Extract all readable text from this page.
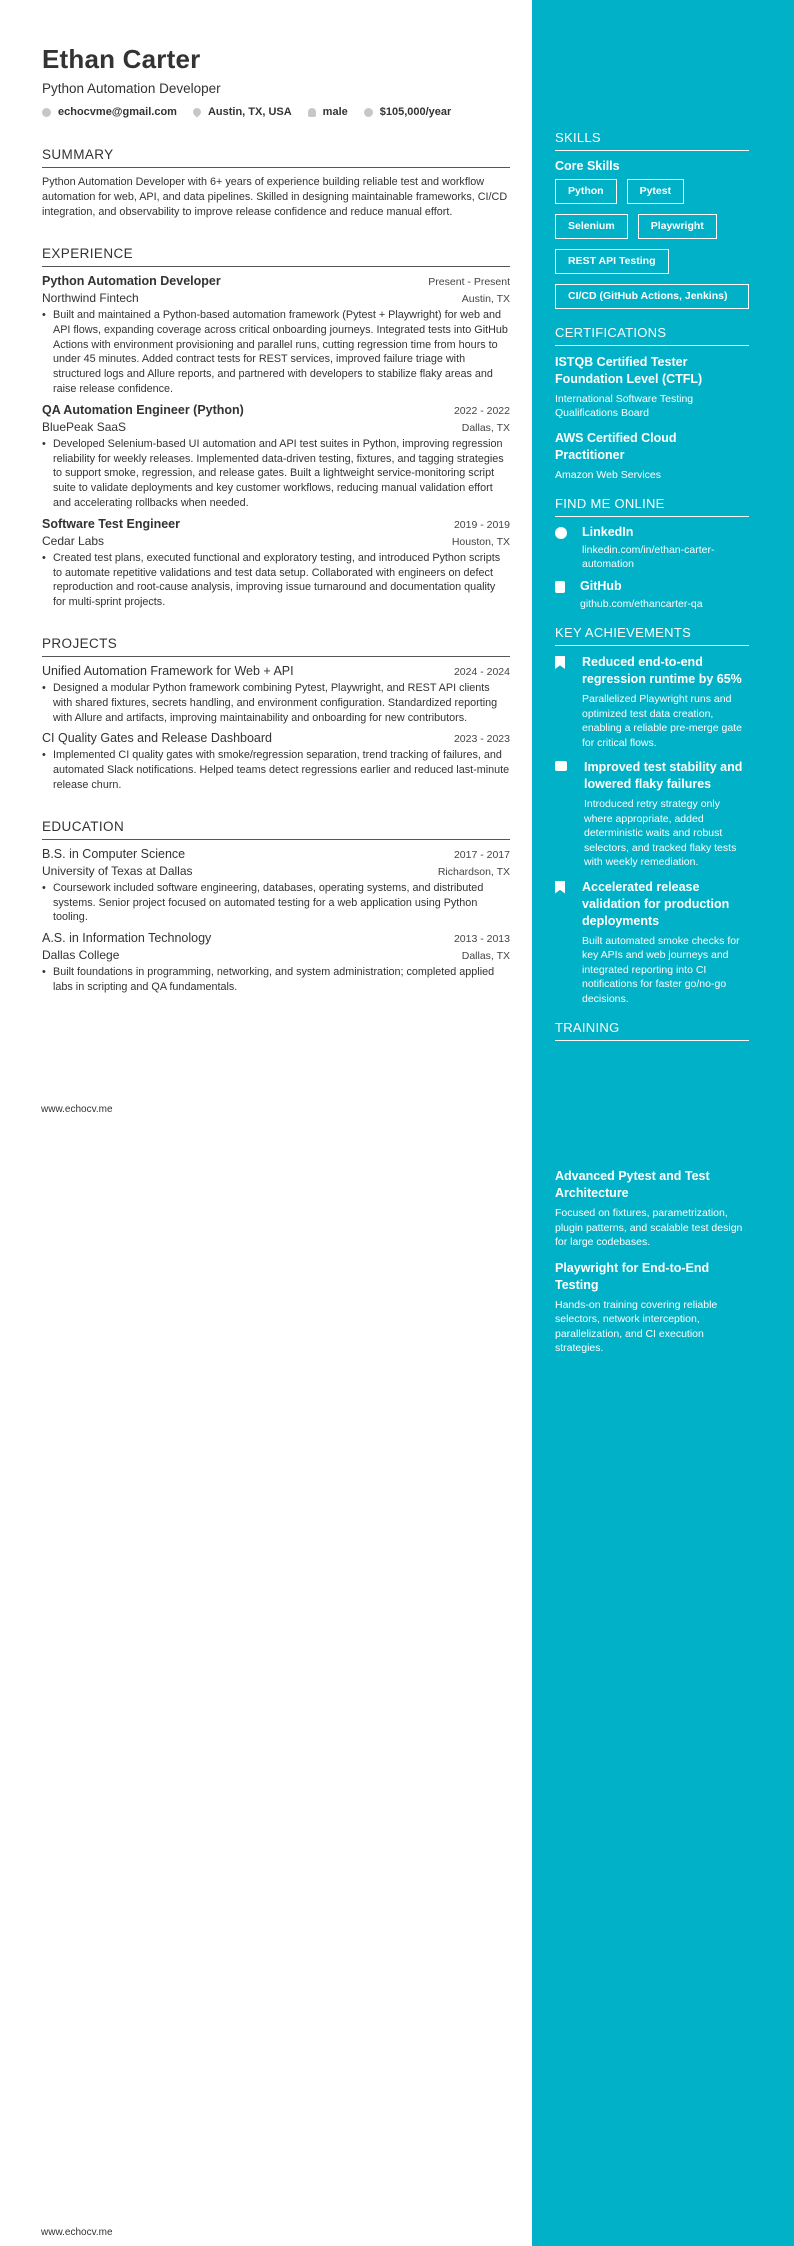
Ethan Carter
Python Automation Developer
echocvme@gmail.com	Austin, TX, USA	male	$105,000/year
SUMMARY
Python Automation Developer with 6+ years of experience building reliable test and workflow automation for web, API, and data pipelines. Skilled in designing maintainable frameworks, CI/CD integration, and observability to improve release confidence and reduce manual effort.
EXPERIENCE
Python Automation Developer	Present - Present
Northwind Fintech	Austin, TX
• Built and maintained a Python-based automation framework (Pytest + Playwright) for web and API flows, expanding coverage across critical onboarding journeys. Integrated tests into GitHub Actions with environment provisioning and parallel runs, cutting regression time from hours to under 45 minutes. Added contract tests for REST services, improved failure triage with structured logs and Allure reports, and partnered with developers to stabilize flaky areas and raise release confidence.
QA Automation Engineer (Python)	2022 - 2022
BluePeak SaaS	Dallas, TX
• Developed Selenium-based UI automation and API test suites in Python, improving regression reliability for weekly releases. Implemented data-driven testing, fixtures, and tagging strategies to support smoke, regression, and release gates. Built a lightweight service-monitoring script suite to validate deployments and key customer workflows, reducing manual validation effort and accelerating rollbacks when needed.
Software Test Engineer	2019 - 2019
Cedar Labs	Houston, TX
• Created test plans, executed functional and exploratory testing, and introduced Python scripts to automate repetitive validations and test data setup. Collaborated with engineers on defect reproduction and root-cause analysis, improving issue turnaround and documentation quality for multi-sprint projects.
PROJECTS
Unified Automation Framework for Web + API	2024 - 2024
• Designed a modular Python framework combining Pytest, Playwright, and REST API clients with shared fixtures, secrets handling, and environment configuration. Standardized reporting with Allure and artifacts, improving maintainability and onboarding for new contributors.
CI Quality Gates and Release Dashboard	2023 - 2023
• Implemented CI quality gates with smoke/regression separation, trend tracking of failures, and automated Slack notifications. Helped teams detect regressions earlier and reduced last-minute release churn.
EDUCATION
B.S. in Computer Science	2017 - 2017
University of Texas at Dallas	Richardson, TX
• Coursework included software engineering, databases, operating systems, and distributed systems. Senior project focused on automated testing for a web application using Python tooling.
A.S. in Information Technology	2013 - 2013
Dallas College	Dallas, TX
• Built foundations in programming, networking, and system administration; completed applied labs in scripting and QA fundamentals.
www.echocv.me
www.echocv.me
SKILLS
Core Skills
Python	Pytest
Selenium	Playwright
REST API Testing
CI/CD (GitHub Actions, Jenkins)
CERTIFICATIONS
ISTQB Certified Tester Foundation Level (CTFL)
International Software Testing Qualifications Board
AWS Certified Cloud Practitioner
Amazon Web Services
FIND ME ONLINE
LinkedIn
linkedin.com/in/ethan-carter-automation
GitHub
github.com/ethancarter-qa
KEY ACHIEVEMENTS
Reduced end-to-end regression runtime by 65%
Parallelized Playwright runs and optimized test data creation, enabling a reliable pre-merge gate for critical flows.
Improved test stability and lowered flaky failures
Introduced retry strategy only where appropriate, added deterministic waits and robust selectors, and tracked flaky tests with weekly remediation.
Accelerated release validation for production deployments
Built automated smoke checks for key APIs and web journeys and integrated reporting into CI notifications for faster go/no-go decisions.
TRAINING
Advanced Pytest and Test Architecture
Focused on fixtures, parametrization, plugin patterns, and scalable test design for large codebases.
Playwright for End-to-End Testing
Hands-on training covering reliable selectors, network interception, parallelization, and CI execution strategies.
